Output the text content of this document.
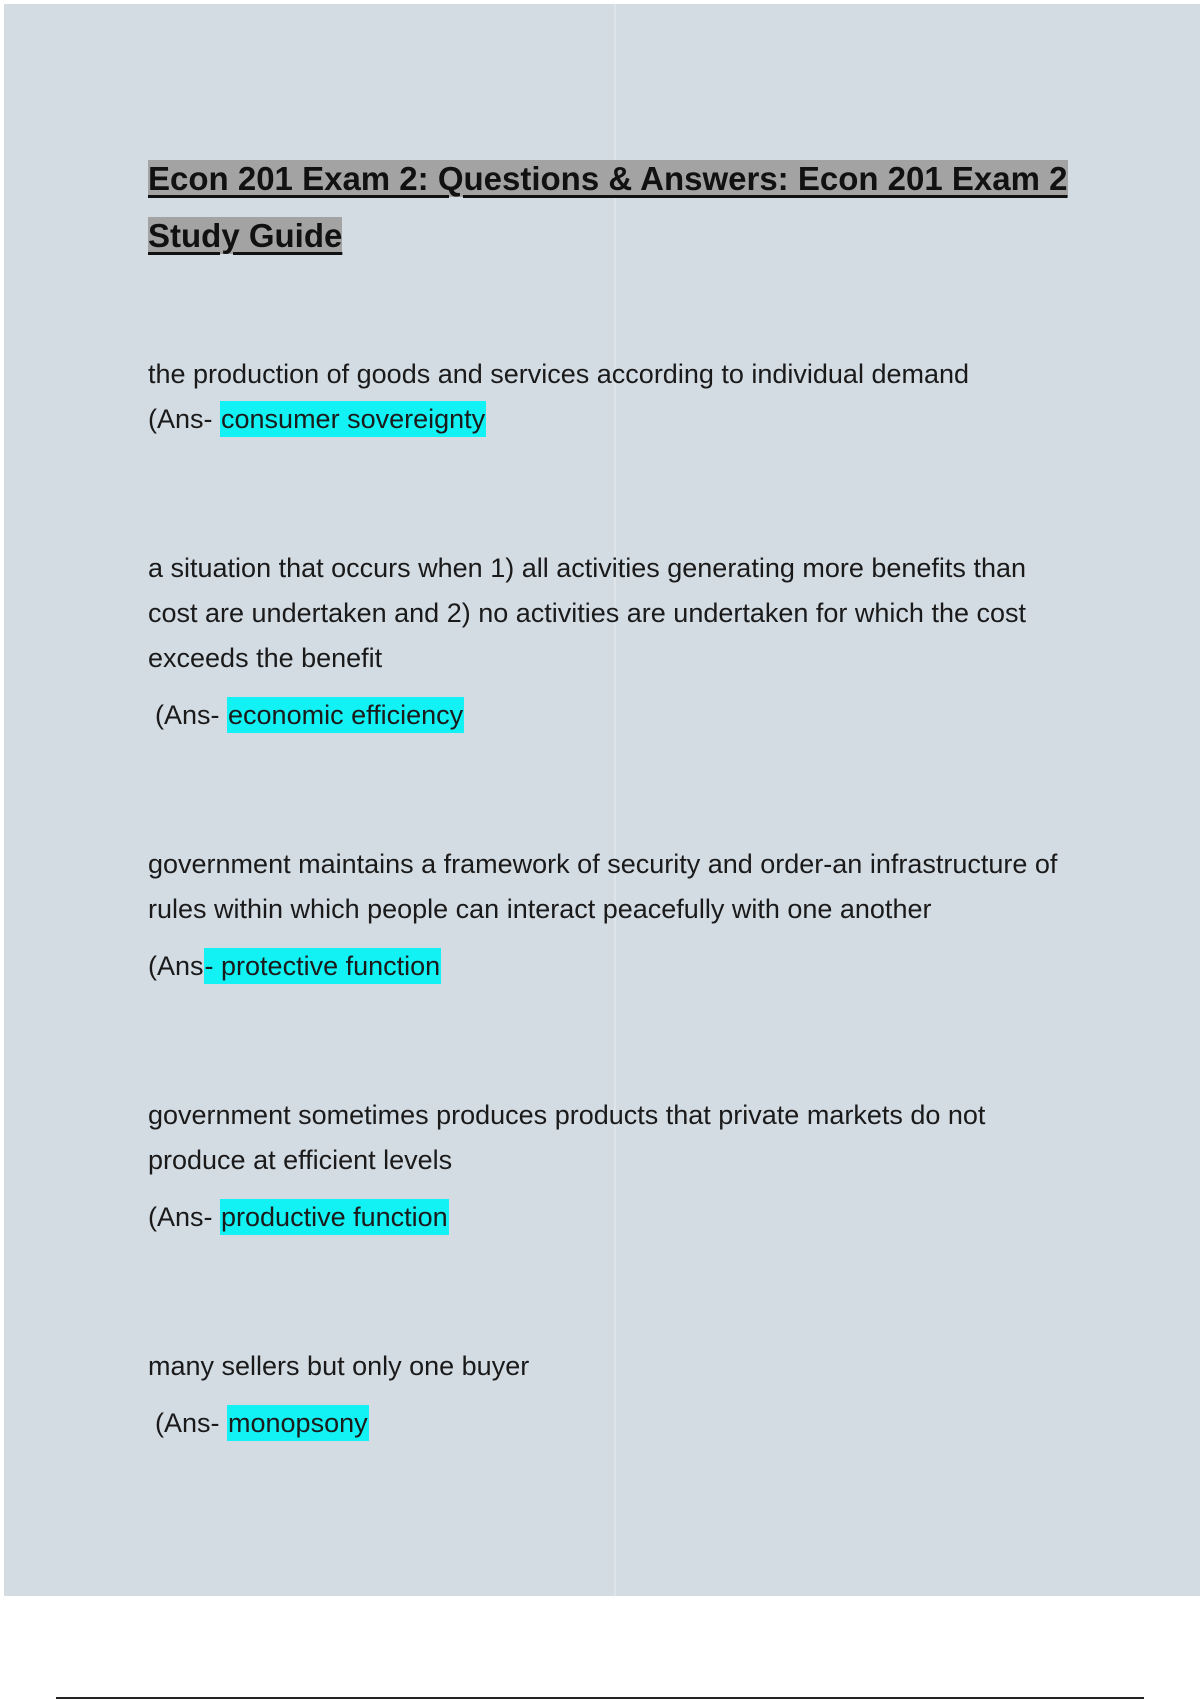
Econ 201 Exam 2: Questions & Answers: Econ 201 Exam 2 Study Guide

the production of goods and services according to individual demand

(Ans- consumer sovereignty

a situation that occurs when 1) all activities generating more benefits than cost are undertaken and 2) no activities are undertaken for which the cost exceeds the benefit

(Ans- economic efficiency

government maintains a framework of security and order-an infrastructure of rules within which people can interact peacefully with one another

(Ans- protective function

government sometimes produces products that private markets do not produce at efficient levels

(Ans- productive function

many sellers but only one buyer

(Ans- monopsony
